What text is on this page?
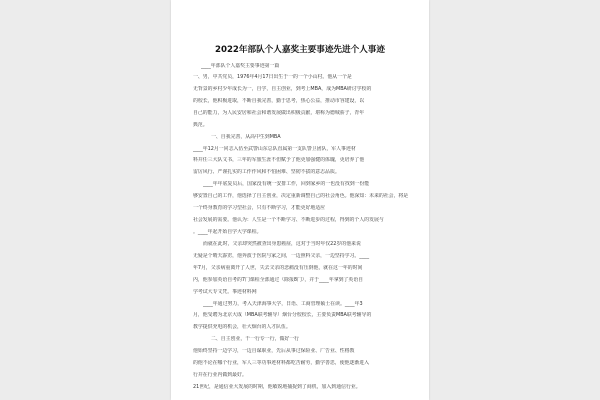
2022年部队个人嘉奖主要事迹先进个人事迹
____年部队个人嘉奖主要事迹第一篇
一、男，中共党员，1976年4月17日出生于一的一个小山村。他从一个是
无背景的乡村少年成长为一，自学，自主创业，到考上MBA，成为MBA研讨学校的
的校长，他积极进取，不断自我完善，勤于思考，热心公益，推动市容建设，以
自己的能力，为人民安居和社会和谐发展做出积极贡献，堪称为德城骄子，青年
典范。
一、自我完善，从高中生到MBA
____年12月一同志入伍至武警山东总队直属第一支队警卫团队，军人事迹材
料并任三大队文书，三年的军旅生涯不但赋予了他更加强健的体魄，更培养了他
雷厉风行、严谨扎实的工作作风和不怕困难、坚韧不拔的意志品质。
____年年底复员后，国家没有统一安排工作，回到家乡的一也没有找到一份能
够安置自己的工作，他选择了自主创业，决定重新调整自己的社会角色。他深知：未来的社会，将是
一个终身教育的学习型社会，只有不断学习，才能更好地适应
社会发展的需要。他认为：人生是一个不断学习、不断进步的过程，得到的个人的发展与
。____年起开始自学大学课程。
而就在此时，父亲却突然被查出身患癌症，这对于当时年仅22岁的他来说
无疑是个晴天霹雳，他奔波于医院与家之间，一边照料父亲，一边坚持学习。____
年7月，父亲病重离开了人世，失去父亲的悲痛没有压倒他，就在这一年的时间
内，他参加英语自考的7门课程全部通过（除报8门），并于____年拿到了英语自
学考试大专文凭。事迹材料网
____年通过努力，考入天津海事大学，日语、工商管理硕士在读。____年3
月，他受聘为北京大成（MBA联考辅导）烟台分校校长，主要负责MBA联考辅导的
教学提供充电的机会，壮大烟台的人才队伍。
二、自主创业，干一行专一行，做好一行
他始终坚持一边学习，一边自谋职业，先后从事过保险业、广告业、性格教
的他不论在哪个行业，军人三等功事迹材料都吃苦耐劳，勤学善思，使他逐渐进入
行并在行业内做到最好。
21世纪，是通信业大发展的时期，他敏锐地捕捉到了商机，加入到通信行业。
